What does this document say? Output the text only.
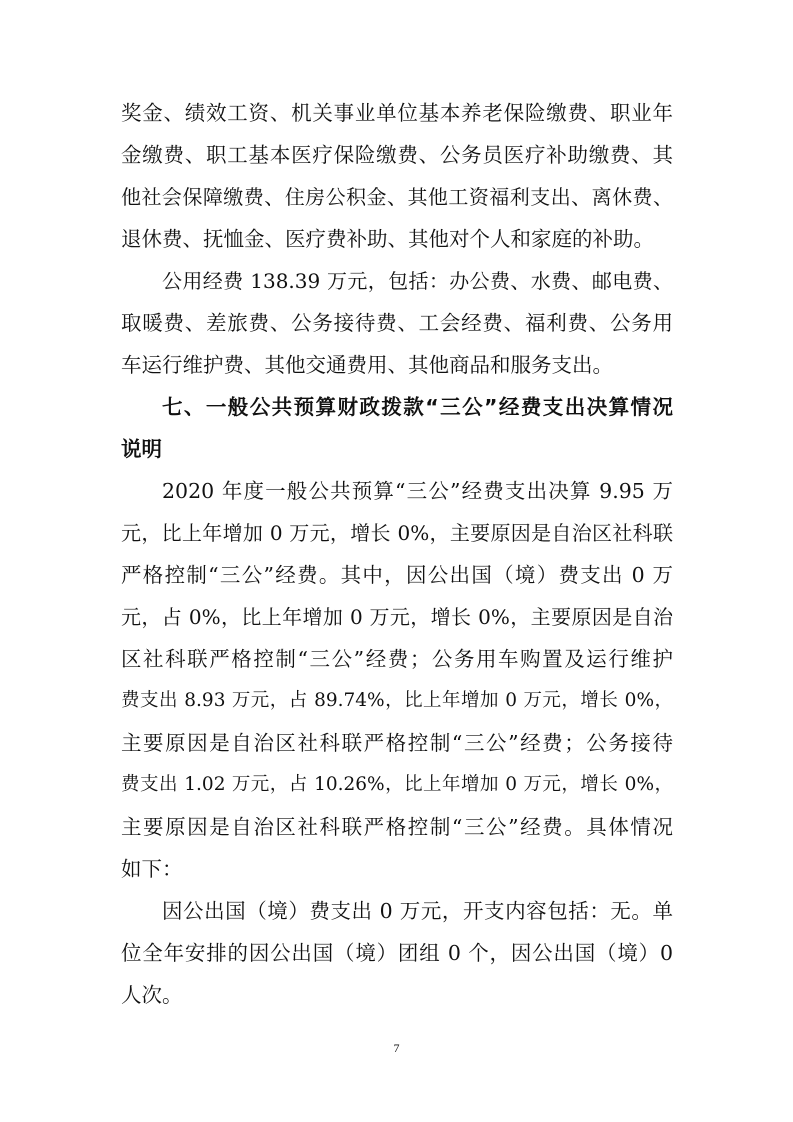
奖金、绩效工资、机关事业单位基本养老保险缴费、职业年
金缴费、职工基本医疗保险缴费、公务员医疗补助缴费、其
他社会保障缴费、住房公积金、其他工资福利支出、离休费、
退休费、抚恤金、医疗费补助、其他对个人和家庭的补助。
公用经费 138.39 万元，包括：办公费、水费、邮电费、
取暖费、差旅费、公务接待费、工会经费、福利费、公务用
车运行维护费、其他交通费用、其他商品和服务支出。
七、一般公共预算财政拨款“三公”经费支出决算情况
说明
2020 年度一般公共预算“三公”经费支出决算 9.95 万
元，比上年增加 0 万元，增长 0%，主要原因是自治区社科联
严格控制“三公”经费。其中，因公出国（境）费支出 0 万
元，占 0%，比上年增加 0 万元，增长 0%，主要原因是自治
区社科联严格控制“三公”经费；公务用车购置及运行维护
费支出 8.93 万元，占 89.74%，比上年增加 0 万元，增长 0%，
主要原因是自治区社科联严格控制“三公”经费；公务接待
费支出 1.02 万元，占 10.26%，比上年增加 0 万元，增长 0%，
主要原因是自治区社科联严格控制“三公”经费。具体情况
如下：
因公出国（境）费支出 0 万元，开支内容包括：无。单
位全年安排的因公出国（境）团组 0 个，因公出国（境）0
人次。
7
